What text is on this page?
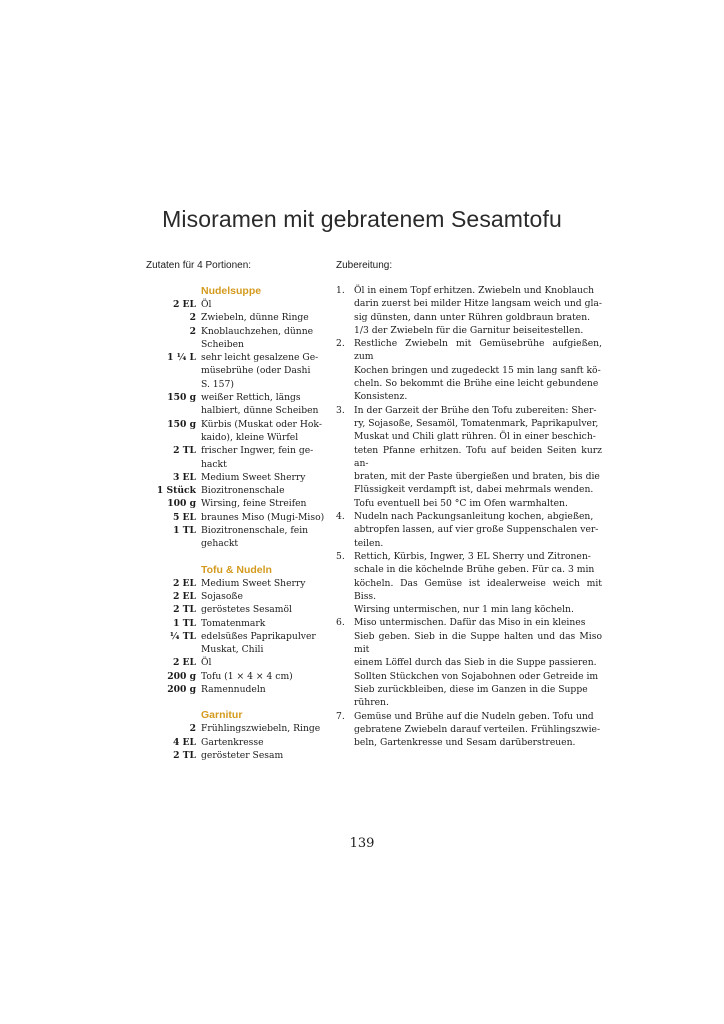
Misoramen mit gebratenem Sesamtofu
Zutaten für 4 Portionen:	Zubereitung:
Nudelsuppe
2 EL Öl
2 Zwiebeln, dünne Ringe
2 Knoblauchzehen, dünne
Scheiben
1 ¼ L sehr leicht gesalzene Ge-
müsebrühe (oder Dashi
S. 157)
150 g weißer Rettich, längs
halbiert, dünne Scheiben
150 g Kürbis (Muskat oder Hok-
kaido), kleine Würfel
2 TL frischer Ingwer, fein ge-
hackt
3 EL Medium Sweet Sherry
1 Stück Biozitronenschale
100 g Wirsing, feine Streifen
5 EL braunes Miso (Mugi-Miso)
1 TL Biozitronenschale, fein
gehackt
Tofu & Nudeln
2 EL Medium Sweet Sherry
2 EL Sojasoße
2 TL geröstetes Sesamöl
1 TL Tomatenmark
¼ TL edelsüßes Paprikapulver
Muskat, Chili
2 EL Öl
200 g Tofu (1 × 4 × 4 cm)
200 g Ramennudeln
Garnitur
2 Frühlingszwiebeln, Ringe
4 EL Gartenkresse
2 TL gerösteter Sesam
1.	Öl in einem Topf erhitzen. Zwiebeln und Knoblauch
darin zuerst bei milder Hitze langsam weich und gla-
sig dünsten, dann unter Rühren goldbraun braten.
1/3 der Zwiebeln für die Garnitur beiseitestellen.
2.	Restliche Zwiebeln mit Gemüsebrühe aufgießen, zum
Kochen bringen und zugedeckt 15 min lang sanft kö-
cheln. So bekommt die Brühe eine leicht gebundene
Konsistenz.
3.	In der Garzeit der Brühe den Tofu zubereiten: Sher-
ry, Sojasoße, Sesamöl, Tomatenmark, Paprikapulver,
Muskat und Chili glatt rühren. Öl in einer beschich-
teten Pfanne erhitzen. Tofu auf beiden Seiten kurz an-
braten, mit der Paste übergießen und braten, bis die
Flüssigkeit verdampft ist, dabei mehrmals wenden.
Tofu eventuell bei 50 °C im Ofen warmhalten.
4.	Nudeln nach Packungsanleitung kochen, abgießen,
abtropfen lassen, auf vier große Suppenschalen ver-
teilen.
5.	Rettich, Kürbis, Ingwer, 3 EL Sherry und Zitronen-
schale in die köchelnde Brühe geben. Für ca. 3 min
köcheln. Das Gemüse ist idealerweise weich mit Biss.
Wirsing untermischen, nur 1 min lang köcheln.
6.	Miso untermischen. Dafür das Miso in ein kleines
Sieb geben. Sieb in die Suppe halten und das Miso mit
einem Löffel durch das Sieb in die Suppe passieren.
Sollten Stückchen von Sojabohnen oder Getreide im
Sieb zurückbleiben, diese im Ganzen in die Suppe
rühren.
7.	Gemüse und Brühe auf die Nudeln geben. Tofu und
gebratene Zwiebeln darauf verteilen. Frühlingszwie-
beln, Gartenkresse und Sesam darüberstreuen.
139
